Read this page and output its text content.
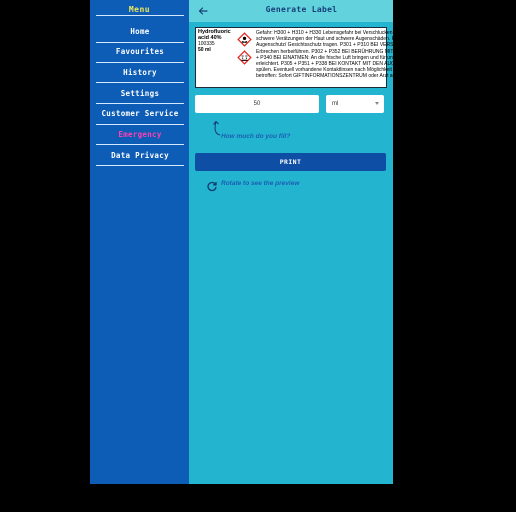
Menu
Home
Favourites
History
Settings
Customer Service
Emergency
Data Privacy
Generate Label
Hydrofluoric acid 40%
100335
50 ml
Gefahr: H300 + H310 + H330 Lebensgefahr bei Verschlucken, Hautkontakt oder Einatmen. H314
schwere Verätzungen der Haut und schwere Augenschäden. P280 Schutzhandschuhe/ Schutzkleidung/
Augenschutz/ Gesichtsschutz tragen. P301 + P310 BEI VERSCHLUCKEN: Sofort GIFTINFORMATIONSZENTRUM
Erbrechen herbeiführen. P302 + P352 BEI BERÜHRUNG MIT DER HAUT: Mit viel Wasser waschen. P304
+ P340 BEI EINATMEN: An die frische Luft bringen und für ungehinderte Atmung sorgen. P305
erleichtert. P305 + P351 + P338 BEI KONTAKT MIT DEN AUGEN: Einige Minuten lang behutsam mit Wasser
spülen. Eventuell vorhandene Kontaktlinsen nach Möglichkeit entfernen. Weiter spülen. P310
betroffen: Sofort GIFTINFORMATIONSZENTRUM oder Arzt anrufen.
50	ml
How much do you fill?
PRINT
Rotate to see the preview
